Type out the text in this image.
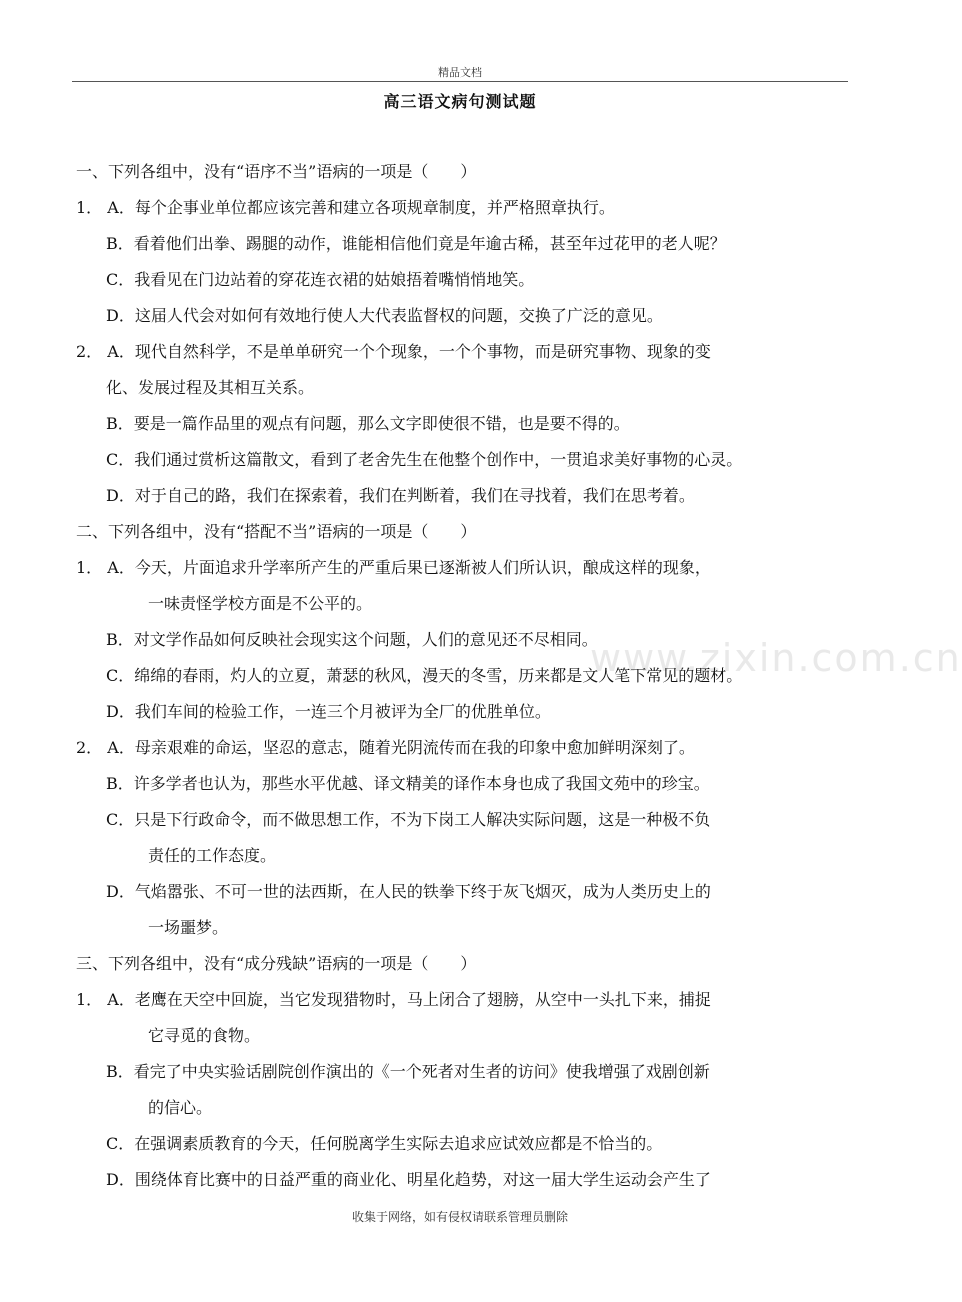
精品文档
高三语文病句测试题
www.zixin.com.cn
一、下列各组中，没有“语序不当”语病的一项是（　　）
1． A．每个企事业单位都应该完善和建立各项规章制度，并严格照章执行。
B．看着他们出拳、踢腿的动作，谁能相信他们竟是年逾古稀，甚至年过花甲的老人呢？
C．我看见在门边站着的穿花连衣裙的姑娘捂着嘴悄悄地笑。
D．这届人代会对如何有效地行使人大代表监督权的问题，交换了广泛的意见。
2． A．现代自然科学，不是单单研究一个个现象，一个个事物，而是研究事物、现象的变
化、发展过程及其相互关系。
B．要是一篇作品里的观点有问题，那么文字即使很不错，也是要不得的。
C．我们通过赏析这篇散文，看到了老舍先生在他整个创作中，一贯追求美好事物的心灵。
D．对于自己的路，我们在探索着，我们在判断着，我们在寻找着，我们在思考着。
二、下列各组中，没有“搭配不当”语病的一项是（　　）
1． A．今天，片面追求升学率所产生的严重后果已逐渐被人们所认识，酿成这样的现象，
一味责怪学校方面是不公平的。
B．对文学作品如何反映社会现实这个问题，人们的意见还不尽相同。
C．绵绵的春雨，灼人的立夏，萧瑟的秋风，漫天的冬雪，历来都是文人笔下常见的题材。
D．我们车间的检验工作，一连三个月被评为全厂的优胜单位。
2． A．母亲艰难的命运，坚忍的意志，随着光阴流传而在我的印象中愈加鲜明深刻了。
B．许多学者也认为，那些水平优越、译文精美的译作本身也成了我国文苑中的珍宝。
C．只是下行政命令，而不做思想工作，不为下岗工人解决实际问题，这是一种极不负
责任的工作态度。
D．气焰嚣张、不可一世的法西斯，在人民的铁拳下终于灰飞烟灭，成为人类历史上的
一场噩梦。
三、下列各组中，没有“成分残缺”语病的一项是（　　）
1． A．老鹰在天空中回旋，当它发现猎物时，马上闭合了翅膀，从空中一头扎下来，捕捉
它寻觅的食物。
B．看完了中央实验话剧院创作演出的《一个死者对生者的访问》使我增强了戏剧创新
的信心。
C．在强调素质教育的今天，任何脱离学生实际去追求应试效应都是不恰当的。
D．围绕体育比赛中的日益严重的商业化、明星化趋势，对这一届大学生运动会产生了
收集于网络，如有侵权请联系管理员删除
